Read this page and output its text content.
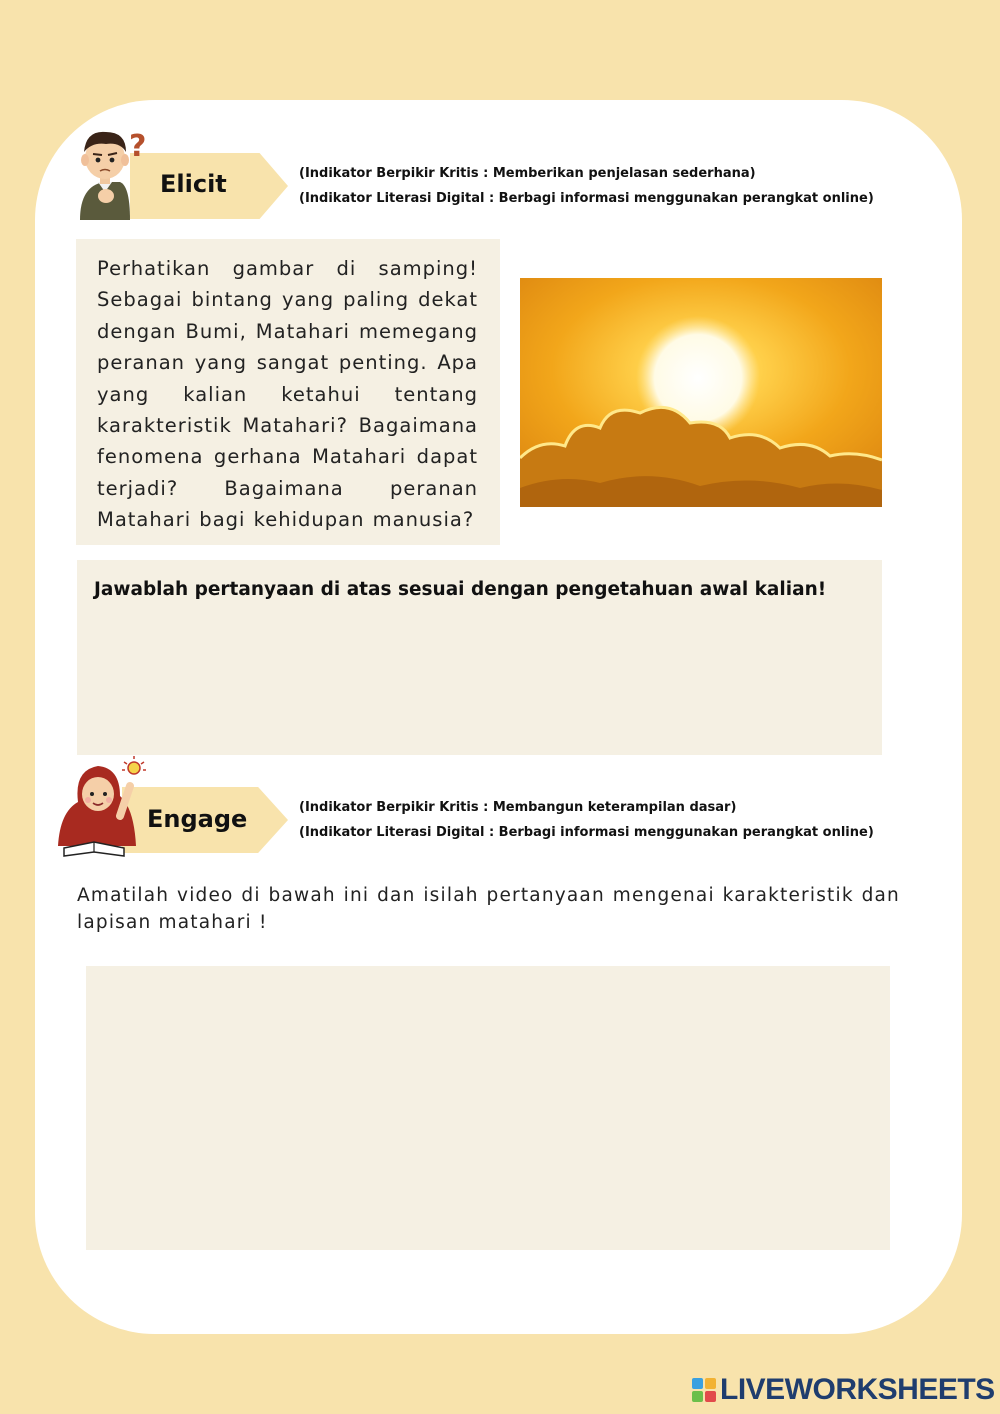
Elicit
?
(Indikator Berpikir Kritis : Memberikan penjelasan sederhana)
(Indikator Literasi Digital : Berbagi informasi menggunakan perangkat online)

Perhatikan gambar di samping! Sebagai bintang yang paling dekat dengan Bumi, Matahari memegang peranan yang sangat penting. Apa yang kalian ketahui tentang karakteristik Matahari? Bagaimana fenomena gerhana Matahari dapat terjadi? Bagaimana peranan Matahari bagi kehidupan manusia?

Jawablah pertanyaan di atas sesuai dengan pengetahuan awal kalian!
Engage	(Indikator Berpikir Kritis : Membangun keterampilan dasar)
(Indikator Literasi Digital : Berbagi informasi menggunakan perangkat online)

Amatilah video di bawah ini dan isilah pertanyaan mengenai karakteristik dan lapisan matahari !

LIVEWORKSHEETS
